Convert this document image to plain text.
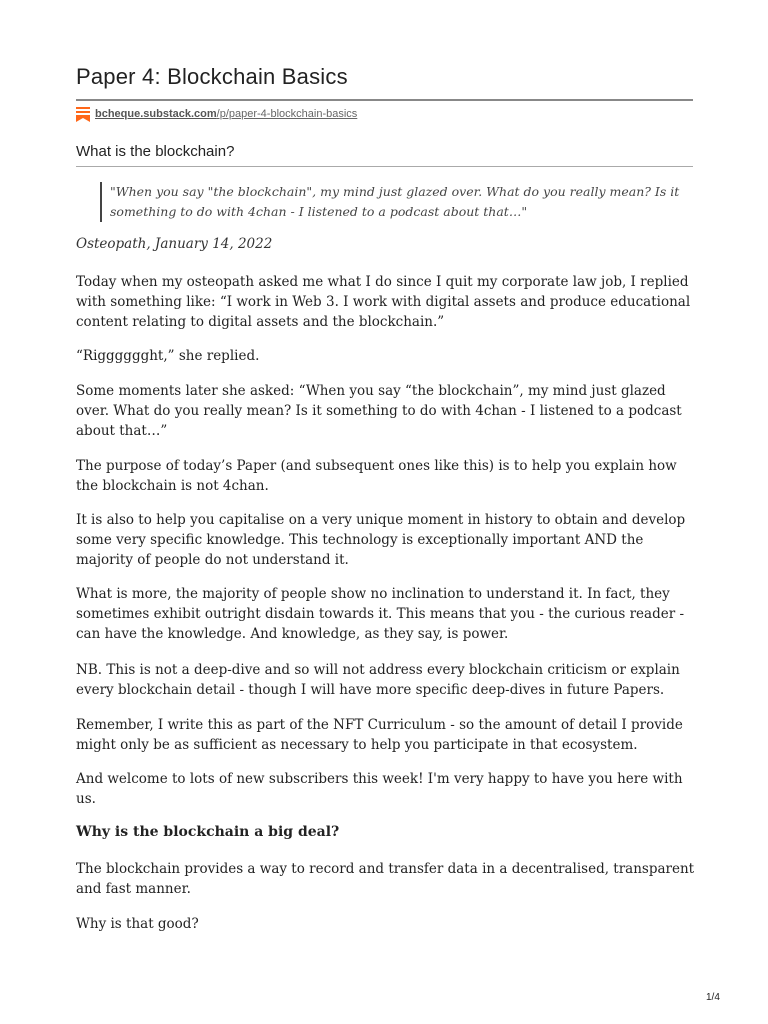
Paper 4: Blockchain Basics
bcheque.substack.com/p/paper-4-blockchain-basics
What is the blockchain?
"When you say "the blockchain", my mind just glazed over. What do you really mean? Is it something to do with 4chan - I listened to a podcast about that…"
Osteopath, January 14, 2022

Today when my osteopath asked me what I do since I quit my corporate law job, I replied with something like: “I work in Web 3. I work with digital assets and produce educational content relating to digital assets and the blockchain.”

“Rigggggght,” she replied.

Some moments later she asked: “When you say “the blockchain”, my mind just glazed over. What do you really mean? Is it something to do with 4chan - I listened to a podcast about that…”

The purpose of today’s Paper (and subsequent ones like this) is to help you explain how the blockchain is not 4chan.

It is also to help you capitalise on a very unique moment in history to obtain and develop some very specific knowledge. This technology is exceptionally important AND the majority of people do not understand it.

What is more, the majority of people show no inclination to understand it. In fact, they sometimes exhibit outright disdain towards it. This means that you - the curious reader - can have the knowledge. And knowledge, as they say, is power.

NB. This is not a deep-dive and so will not address every blockchain criticism or explain every blockchain detail - though I will have more specific deep-dives in future Papers.

Remember, I write this as part of the NFT Curriculum - so the amount of detail I provide might only be as sufficient as necessary to help you participate in that ecosystem.

And welcome to lots of new subscribers this week! I'm very happy to have you here with us.

Why is the blockchain a big deal?

The blockchain provides a way to record and transfer data in a decentralised, transparent and fast manner.

Why is that good?

1/4
